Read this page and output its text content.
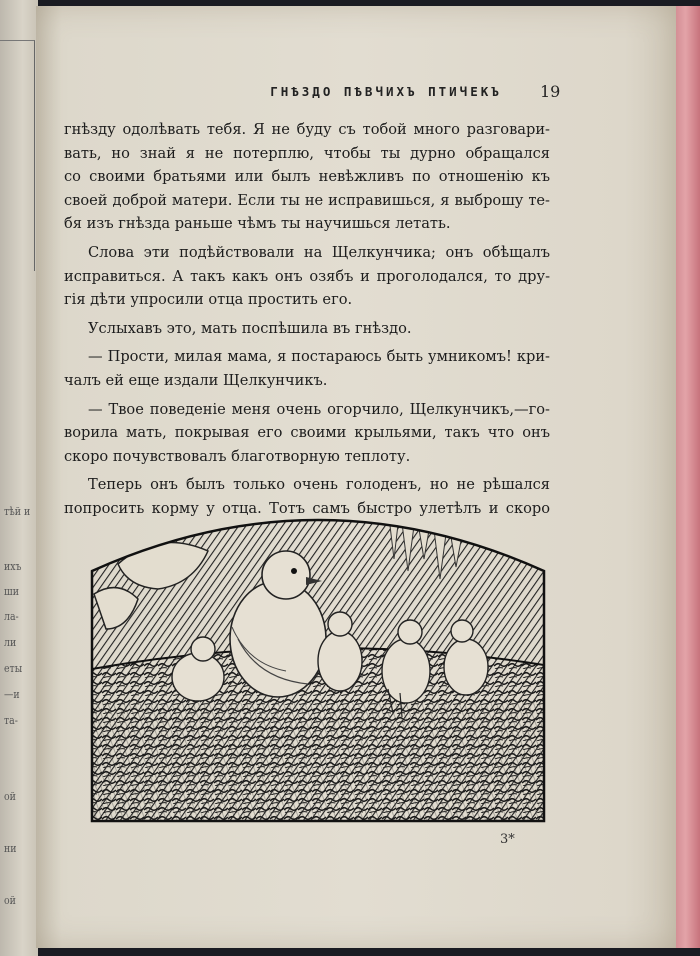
тѣй и
ихъ
ши
ла-
ли
еты
—и
та-
ой
ни
ой
ГНѢЗДО ПѢВЧИХЪ ПТИЧЕКЪ	19

гнѣзду одолѣвать тебя. Я не буду съ тобой много разговари-
вать, но знай я не потерплю, чтобы ты дурно обращался
со своими братьями или былъ невѣжливъ по отношенію къ
своей доброй матери. Если ты не исправишься, я выброшу те-
бя изъ гнѣзда раньше чѣмъ ты научишься летать.

Слова эти подѣйствовали на Щелкунчика; онъ обѣщалъ
исправиться. А такъ какъ онъ озябъ и проголодался, то дру-
гія дѣти упросили отца простить его.

Услыхавъ это, мать поспѣшила въ гнѣздо.

— Прости, милая мама, я постараюсь быть умникомъ! кри-
чалъ ей еще издали Щелкунчикъ.

— Твое поведеніе меня очень огорчило, Щелкунчикъ,—го-
ворила мать, покрывая его своими крыльями, такъ что онъ
скоро почувствовалъ благотворную теплоту.

Теперь онъ былъ только очень голоденъ, но не рѣшался
попросить корму у отца. Тотъ самъ быстро улетѣлъ и скоро

3*
